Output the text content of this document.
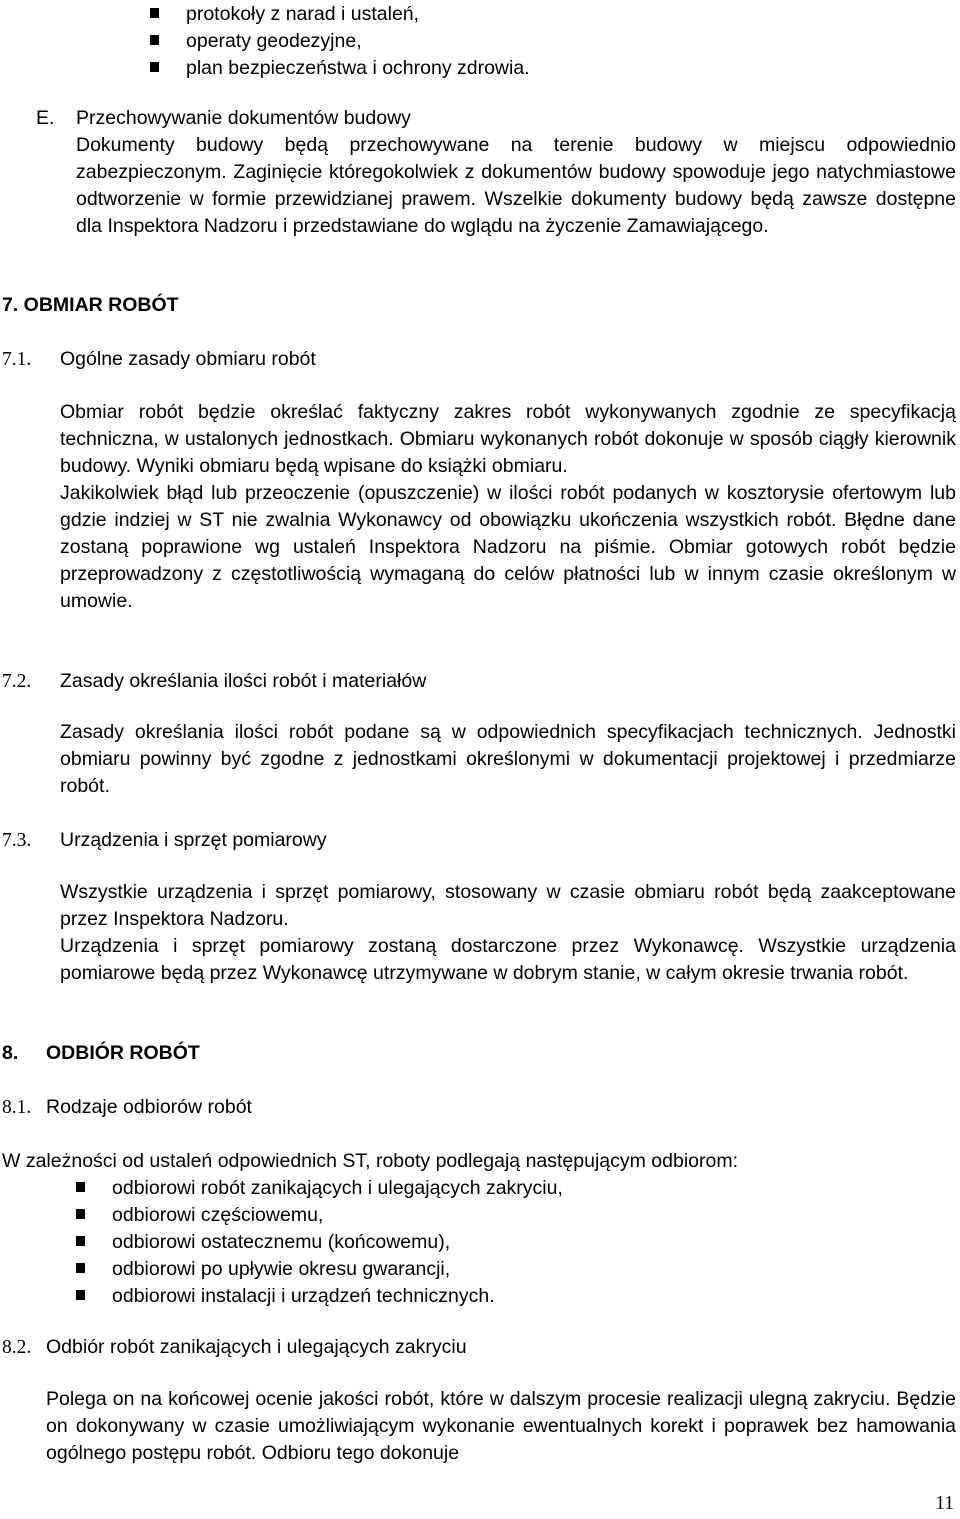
protokoły z narad i ustaleń,
operaty geodezyjne,
plan bezpieczeństwa i ochrony zdrowia.
E. Przechowywanie dokumentów budowy

Dokumenty budowy będą przechowywane na terenie budowy w miejscu odpowiednio zabezpieczonym. Zaginięcie któregokolwiek z dokumentów budowy spowoduje jego natychmiastowe odtworzenie w formie przewidzianej prawem. Wszelkie dokumenty budowy będą zawsze dostępne dla Inspektora Nadzoru i przedstawiane do wglądu na życzenie Zamawiającego.

7. OBMIAR ROBÓT

7.1. Ogólne zasady obmiaru robót

Obmiar robót będzie określać faktyczny zakres robót wykonywanych zgodnie ze specyfikacją techniczna, w ustalonych jednostkach. Obmiaru wykonanych robót dokonuje w sposób ciągły kierownik budowy. Wyniki obmiaru będą wpisane do książki obmiaru.

Jakikolwiek błąd lub przeoczenie (opuszczenie) w ilości robót podanych w kosztorysie ofertowym lub gdzie indziej w ST nie zwalnia Wykonawcy od obowiązku ukończenia wszystkich robót. Błędne dane zostaną poprawione wg ustaleń Inspektora Nadzoru na piśmie. Obmiar gotowych robót będzie przeprowadzony z częstotliwością wymaganą do celów płatności lub w innym czasie określonym w umowie.

7.2. Zasady określania ilości robót i materiałów

Zasady określania ilości robót podane są w odpowiednich specyfikacjach technicznych. Jednostki obmiaru powinny być zgodne z jednostkami określonymi w dokumentacji projektowej i przedmiarze robót.

7.3. Urządzenia i sprzęt pomiarowy

Wszystkie urządzenia i sprzęt pomiarowy, stosowany w czasie obmiaru robót będą zaakceptowane przez Inspektora Nadzoru.

Urządzenia i sprzęt pomiarowy zostaną dostarczone przez Wykonawcę. Wszystkie urządzenia pomiarowe będą przez Wykonawcę utrzymywane w dobrym stanie, w całym okresie trwania robót.

8. ODBIÓR ROBÓT

8.1. Rodzaje odbiorów robót

W zależności od ustaleń odpowiednich ST, roboty podlegają następującym odbiorom:

odbiorowi robót zanikających i ulegających zakryciu,
odbiorowi częściowemu,
odbiorowi ostatecznemu (końcowemu),
odbiorowi po upływie okresu gwarancji,
odbiorowi instalacji i urządzeń technicznych.
8.2. Odbiór robót zanikających i ulegających zakryciu

Polega on na końcowej ocenie jakości robót, które w dalszym procesie realizacji ulegną zakryciu. Będzie on dokonywany w czasie umożliwiającym wykonanie ewentualnych korekt i poprawek bez hamowania ogólnego postępu robót. Odbioru tego dokonuje

11
